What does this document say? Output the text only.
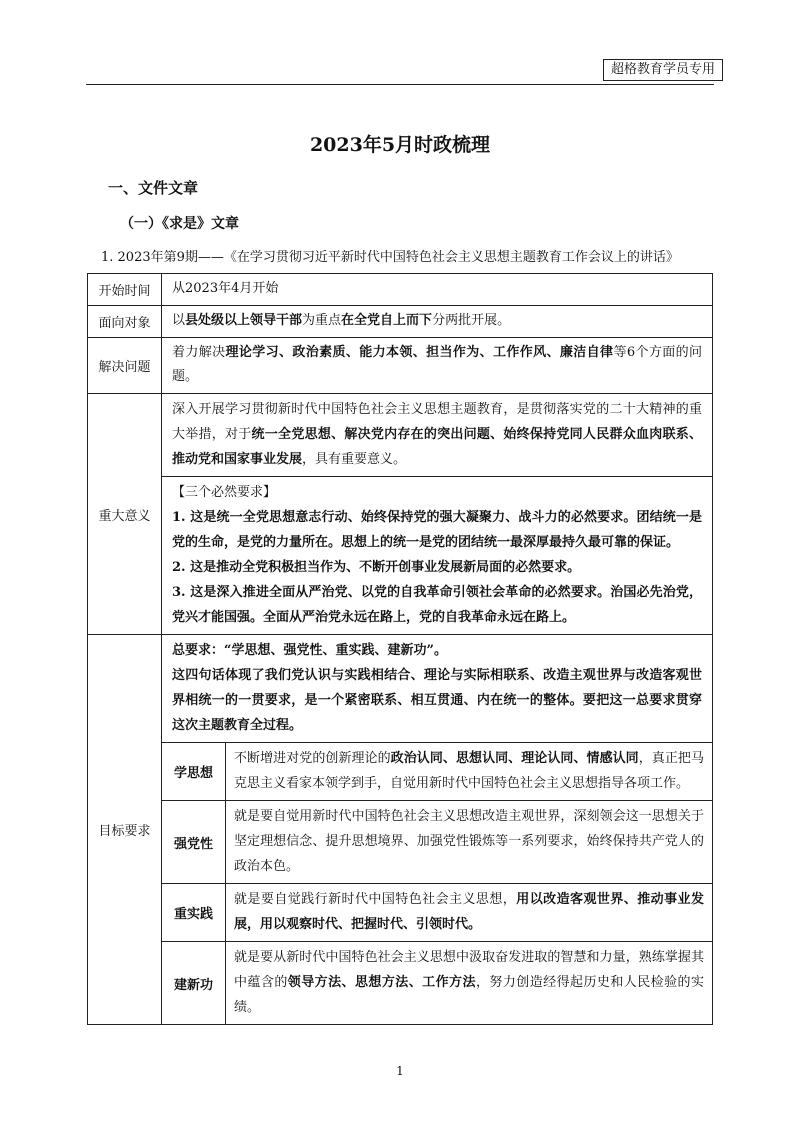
超格教育学员专用
2023年5月时政梳理
一、文件文章
（一）《求是》文章
1. 2023年第9期——《在学习贯彻习近平新时代中国特色社会主义思想主题教育工作会议上的讲话》
开始时间	从2023年4月开始
面向对象	以县处级以上领导干部为重点在全党自上而下分两批开展。
解决问题
着力解决理论学习、政治素质、能力本领、担当作为、工作作风、廉洁自律等6个方面的问题。
重大意义
深入开展学习贯彻新时代中国特色社会主义思想主题教育，是贯彻落实党的二十大精神的重大举措，对于统一全党思想、解决党内存在的突出问题、始终保持党同人民群众血肉联系、推动党和国家事业发展，具有重要意义。
【三个必然要求】
1. 这是统一全党思想意志行动、始终保持党的强大凝聚力、战斗力的必然要求。团结统一是党的生命，是党的力量所在。思想上的统一是党的团结统一最深厚最持久最可靠的保证。
2. 这是推动全党积极担当作为、不断开创事业发展新局面的必然要求。
3. 这是深入推进全面从严治党、以党的自我革命引领社会革命的必然要求。治国必先治党，党兴才能国强。全面从严治党永远在路上，党的自我革命永远在路上。
目标要求
总要求：“学思想、强党性、重实践、建新功”。
这四句话体现了我们党认识与实践相结合、理论与实际相联系、改造主观世界与改造客观世界相统一的一贯要求，是一个紧密联系、相互贯通、内在统一的整体。要把这一总要求贯穿这次主题教育全过程。
学思想
不断增进对党的创新理论的政治认同、思想认同、理论认同、情感认同，真正把马克思主义看家本领学到手，自觉用新时代中国特色社会主义思想指导各项工作。
强党性
就是要自觉用新时代中国特色社会主义思想改造主观世界，深刻领会这一思想关于坚定理想信念、提升思想境界、加强党性锻炼等一系列要求，始终保持共产党人的政治本色。
重实践
就是要自觉践行新时代中国特色社会主义思想，用以改造客观世界、推动事业发展，用以观察时代、把握时代、引领时代。
建新功
就是要从新时代中国特色社会主义思想中汲取奋发进取的智慧和力量，熟练掌握其中蕴含的领导方法、思想方法、工作方法，努力创造经得起历史和人民检验的实绩。
1
